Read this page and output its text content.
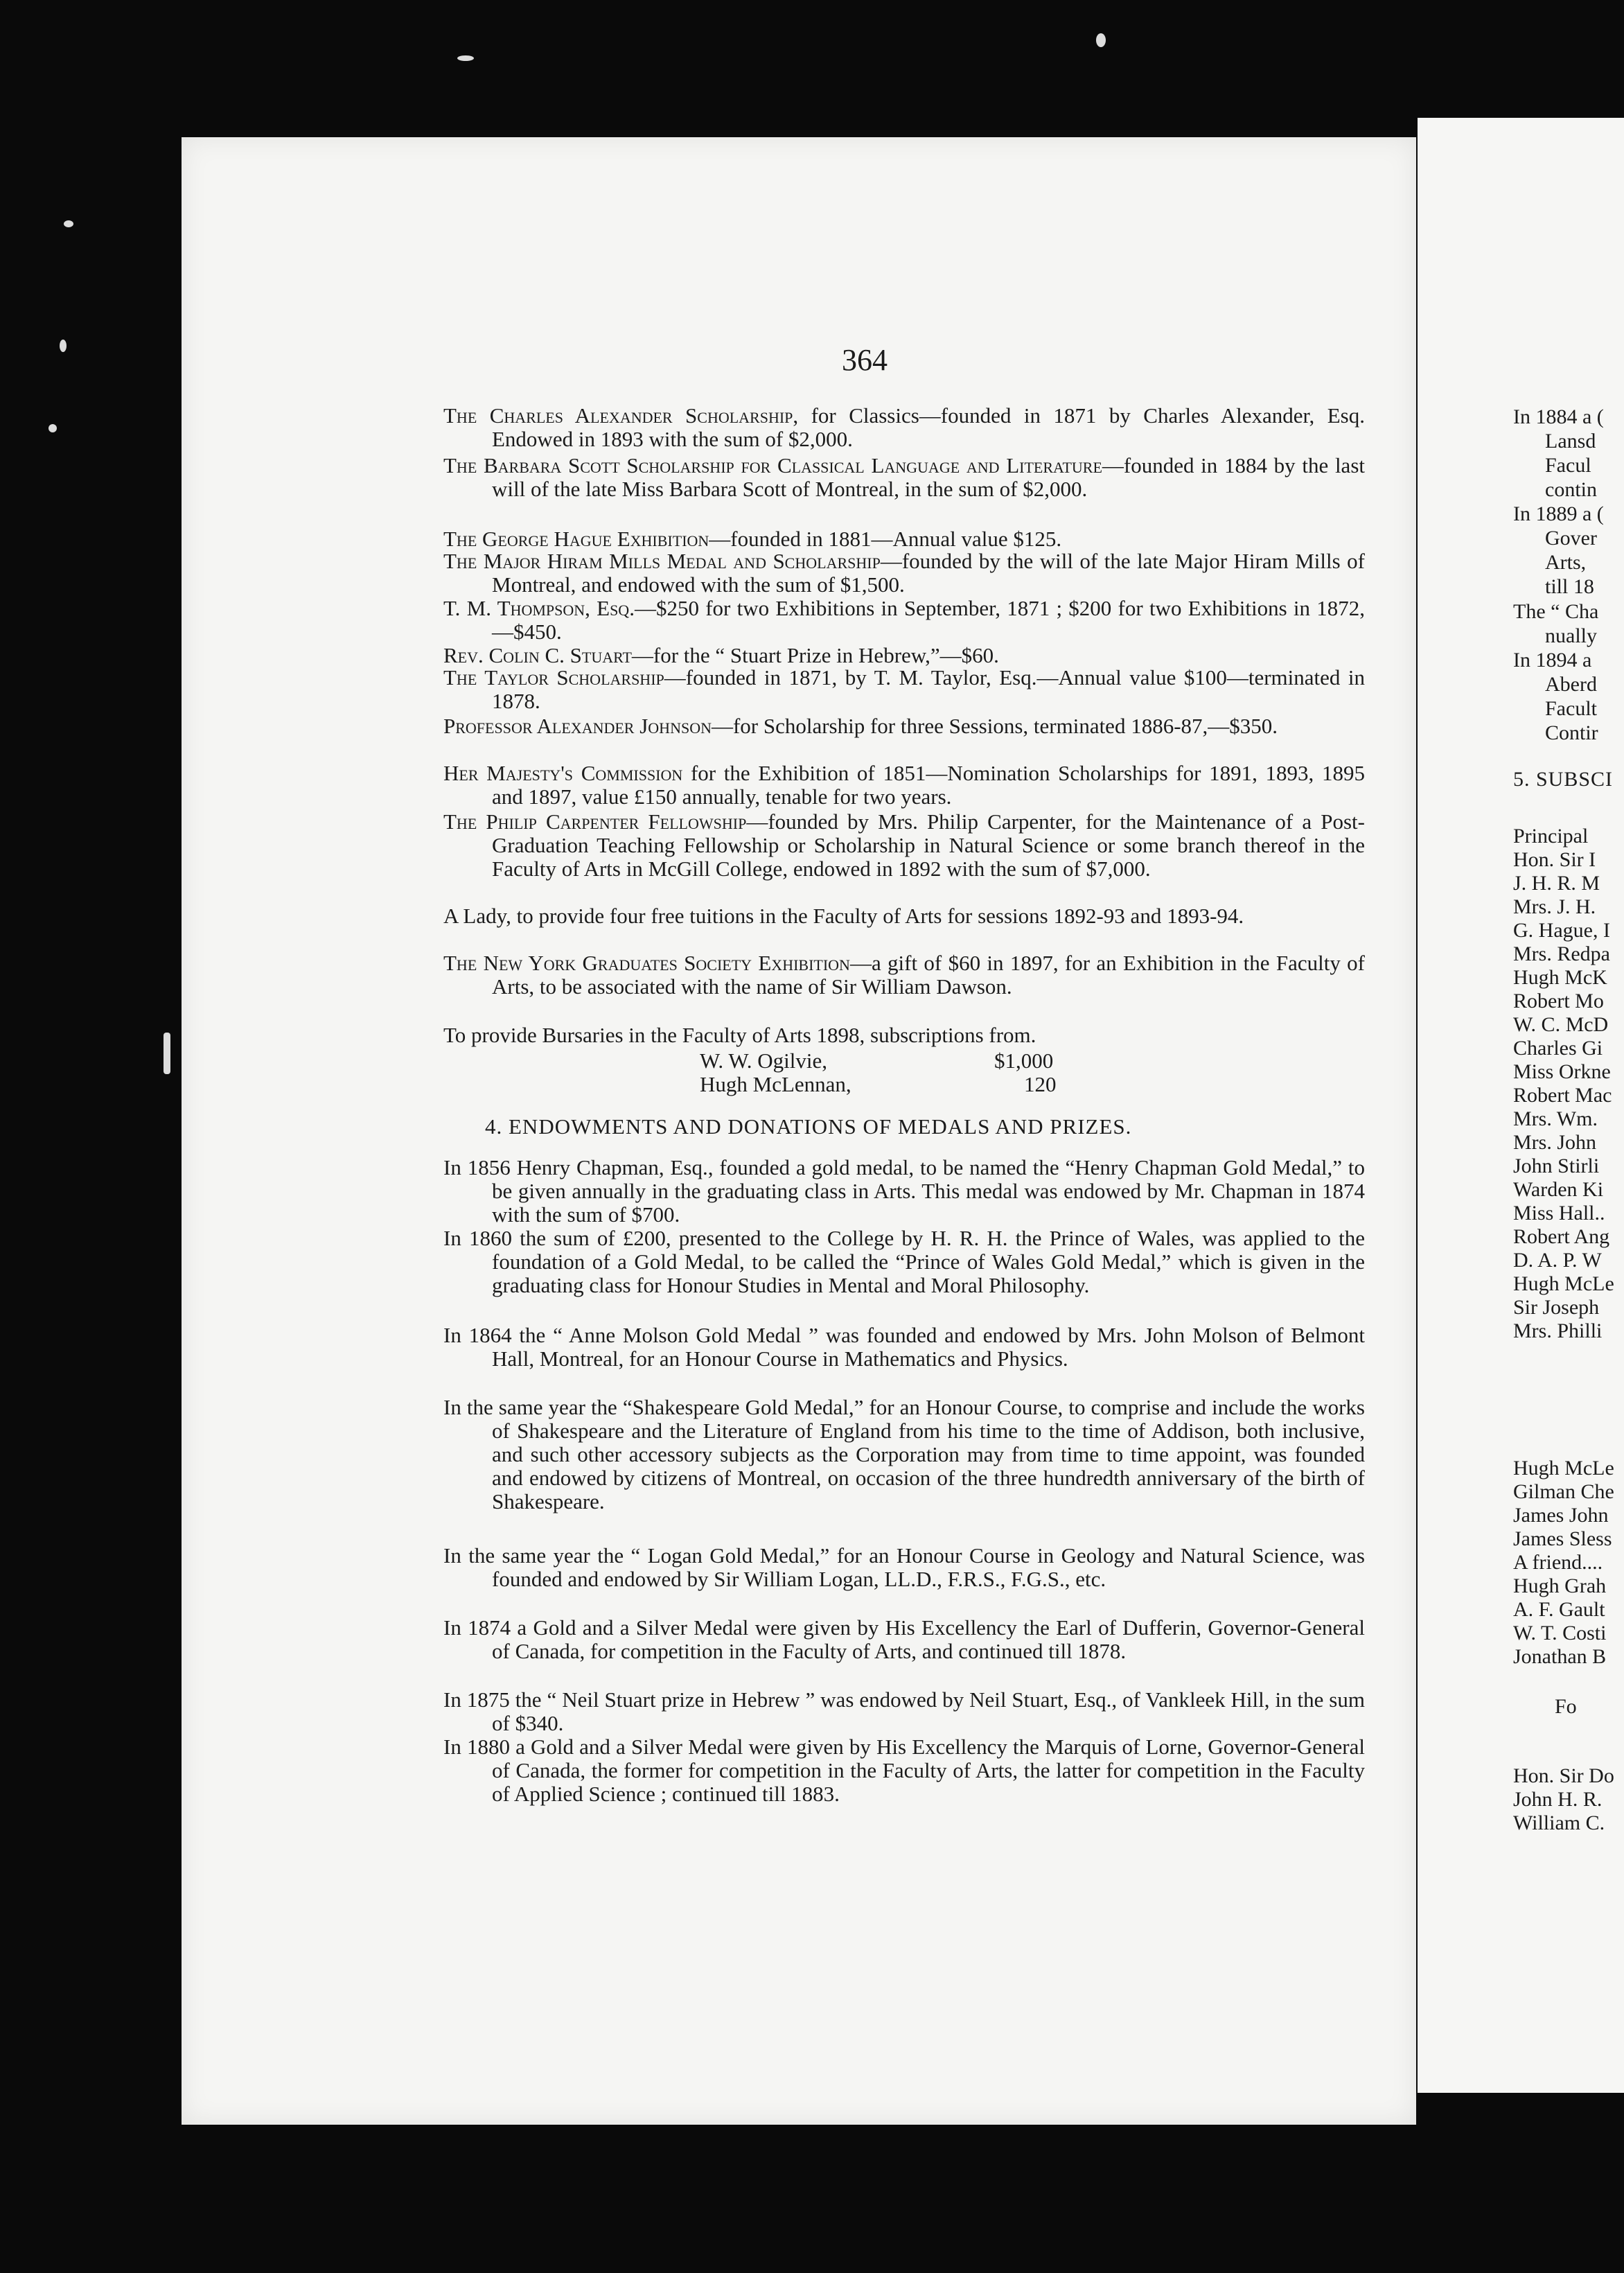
364
The Charles Alexander Scholarship, for Classics—founded in 1871 by Charles Alexander, Esq. Endowed in 1893 with the sum of $2,000.
The Barbara Scott Scholarship for Classical Language and Literature—founded in 1884 by the last will of the late Miss Barbara Scott of Montreal, in the sum of $2,000.
The George Hague Exhibition—founded in 1881—Annual value $125.
The Major Hiram Mills Medal and Scholarship—founded by the will of the late Major Hiram Mills of Montreal, and endowed with the sum of $1,500.
T. M. Thompson, Esq.—$250 for two Exhibitions in September, 1871 ; $200 for two Exhibitions in 1872,—$450.
Rev. Colin C. Stuart—for the “ Stuart Prize in Hebrew,”—$60.
The Taylor Scholarship—founded in 1871, by T. M. Taylor, Esq.—Annual value $100—terminated in 1878.
Professor Alexander Johnson—for Scholarship for three Sessions, terminated 1886-87,—$350.
Her Majesty's Commission for the Exhibition of 1851—Nomination Scholarships for 1891, 1893, 1895 and 1897, value £150 annually, tenable for two years.
The Philip Carpenter Fellowship—founded by Mrs. Philip Carpenter, for the Maintenance of a Post-Graduation Teaching Fellowship or Scholarship in Natural Science or some branch thereof in the Faculty of Arts in McGill College, endowed in 1892 with the sum of $7,000.
A Lady, to provide four free tuitions in the Faculty of Arts for sessions 1892-93 and 1893-94.
The New York Graduates Society Exhibition—a gift of $60 in 1897, for an Exhibition in the Faculty of Arts, to be associated with the name of Sir William Dawson.
To provide Bursaries in the Faculty of Arts 1898, subscriptions from.
W. W. Ogilvie,	$1,000
Hugh McLennan,	120
4. ENDOWMENTS AND DONATIONS OF MEDALS AND PRIZES.
In 1856 Henry Chapman, Esq., founded a gold medal, to be named the “Henry Chapman Gold Medal,” to be given annually in the graduating class in Arts. This medal was endowed by Mr. Chapman in 1874 with the sum of $700.
In 1860 the sum of £200, presented to the College by H. R. H. the Prince of Wales, was applied to the foundation of a Gold Medal, to be called the “Prince of Wales Gold Medal,” which is given in the graduating class for Honour Studies in Mental and Moral Philosophy.
In 1864 the “ Anne Molson Gold Medal ” was founded and endowed by Mrs. John Molson of Belmont Hall, Montreal, for an Honour Course in Mathematics and Physics.
In the same year the “Shakespeare Gold Medal,” for an Honour Course, to comprise and include the works of Shakespeare and the Literature of England from his time to the time of Addison, both inclusive, and such other accessory subjects as the Corporation may from time to time appoint, was founded and endowed by citizens of Montreal, on occasion of the three hundredth anniversary of the birth of Shakespeare.
In the same year the “ Logan Gold Medal,” for an Honour Course in Geology and Natural Science, was founded and endowed by Sir William Logan, LL.D., F.R.S., F.G.S., etc.
In 1874 a Gold and a Silver Medal were given by His Excellency the Earl of Dufferin, Governor-General of Canada, for competition in the Faculty of Arts, and continued till 1878.
In 1875 the “ Neil Stuart prize in Hebrew ” was endowed by Neil Stuart, Esq., of Vankleek Hill, in the sum of $340.
In 1880 a Gold and a Silver Medal were given by His Excellency the Marquis of Lorne, Governor-General of Canada, the former for competition in the Faculty of Arts, the latter for competition in the Faculty of Applied Science ; continued till 1883.
In 1884 a (
Lansd
Facul
contin
In 1889 a (
Gover
Arts,
till 18
The “ Cha
nually
In 1894 a
Aberd
Facult
Contir
5. SUBSCI
Principal
Hon. Sir I
J. H. R. M
Mrs. J. H.
G. Hague, I
Mrs. Redpa
Hugh McK
Robert Mo
W. C. McD
Charles Gi
Miss Orkne
Robert Mac
Mrs. Wm.
Mrs. John
John Stirli
Warden Ki
Miss Hall..
Robert Ang
D. A. P. W
Hugh McLe
Sir Joseph
Mrs. Philli
Hugh McLe
Gilman Che
James John
James Sless
A friend....
Hugh Grah
A. F. Gault
W. T. Costi
Jonathan B
Fo
Hon. Sir Do
John H. R.
William C.
